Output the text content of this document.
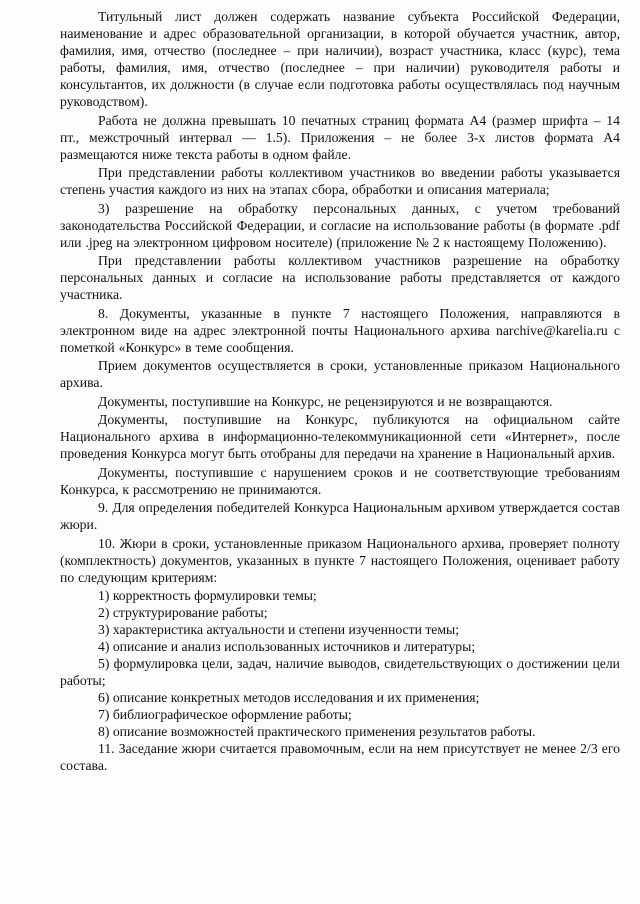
Титульный лист должен содержать название субъекта Российской Федерации, наименование и адрес образовательной организации, в которой обучается участник, автор, фамилия, имя, отчество (последнее – при наличии), возраст участника, класс (курс), тема работы, фамилия, имя, отчество (последнее – при наличии) руководителя работы и консультантов, их должности (в случае если подготовка работы осуществлялась под научным руководством).

Работа не должна превышать 10 печатных страниц формата А4 (размер шрифта – 14 пт., межстрочный интервал — 1.5). Приложения – не более 3-х листов формата А4 размещаются ниже текста работы в одном файле.

При представлении работы коллективом участников во введении работы указывается степень участия каждого из них на этапах сбора, обработки и описания материала;

3) разрешение на обработку персональных данных, с учетом требований законодательства Российской Федерации, и согласие на использование работы (в формате .pdf или .jpeg на электронном цифровом носителе) (приложение № 2 к настоящему Положению).

При представлении работы коллективом участников разрешение на обработку персональных данных и согласие на использование работы представляется от каждого участника.

8. Документы, указанные в пункте 7 настоящего Положения, направляются в электронном виде на адрес электронной почты Национального архива narchive@karelia.ru с пометкой «Конкурс» в теме сообщения.

Прием документов осуществляется в сроки, установленные приказом Национального архива.

Документы, поступившие на Конкурс, не рецензируются и не возвращаются.

Документы, поступившие на Конкурс, публикуются на официальном сайте Национального архива в информационно-телекоммуникационной сети «Интернет», после проведения Конкурса могут быть отобраны для передачи на хранение в Национальный архив.

Документы, поступившие с нарушением сроков и не соответствующие требованиям Конкурса, к рассмотрению не принимаются.

9. Для определения победителей Конкурса Национальным архивом утверждается состав жюри.

10. Жюри в сроки, установленные приказом Национального архива, проверяет полноту (комплектность) документов, указанных в пункте 7 настоящего Положения, оценивает работу по следующим критериям:

1) корректность формулировки темы;

2) структурирование работы;

3) характеристика актуальности и степени изученности темы;

4) описание и анализ использованных источников и литературы;

5) формулировка цели, задач, наличие выводов, свидетельствующих о достижении цели работы;

6) описание конкретных методов исследования и их применения;

7) библиографическое оформление работы;

8) описание возможностей практического применения результатов работы.

11. Заседание жюри считается правомочным, если на нем присутствует не менее 2/3 его состава.
